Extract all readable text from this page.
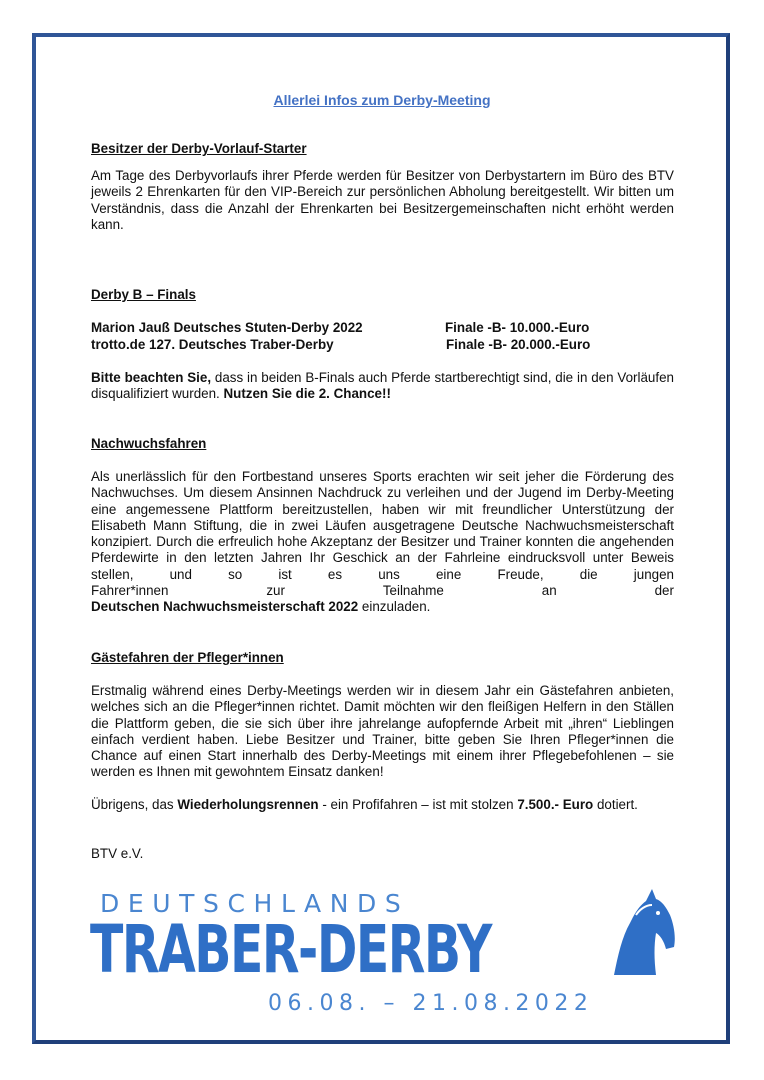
Allerlei Infos zum Derby-Meeting
Besitzer der Derby-Vorlauf-Starter
Am Tage des Derbyvorlaufs ihrer Pferde werden für Besitzer von Derbystartern im Büro des BTV jeweils 2 Ehrenkarten für den VIP-Bereich zur persönlichen Abholung bereitgestellt. Wir bitten um Verständnis, dass die Anzahl der Ehrenkarten bei Besitzergemeinschaften nicht erhöht werden kann.
Derby B – Finals
Marion Jauß Deutsches Stuten-Derby 2022	Finale -B- 10.000.-Euro
trotto.de 127. Deutsches Traber-Derby	Finale -B- 20.000.-Euro
Bitte beachten Sie, dass in beiden B-Finals auch Pferde startberechtigt sind, die in den Vorläufen disqualifiziert wurden. Nutzen Sie die 2. Chance!!
Nachwuchsfahren
Als unerlässlich für den Fortbestand unseres Sports erachten wir seit jeher die Förderung des Nachwuchses. Um diesem Ansinnen Nachdruck zu verleihen und der Jugend im Derby-Meeting eine angemessene Plattform bereitzustellen, haben wir mit freundlicher Unterstützung der Elisabeth Mann Stiftung, die in zwei Läufen ausgetragene Deutsche Nachwuchsmeisterschaft konzipiert. Durch die erfreulich hohe Akzeptanz der Besitzer und Trainer konnten die angehenden Pferdewirte in den letzten Jahren Ihr Geschick an der Fahrleine eindrucksvoll unter Beweis stellen, und so ist es uns eine Freude, die jungen
Fahrer*innen	zur	Teilnahme	an	der
Deutschen Nachwuchsmeisterschaft 2022 einzuladen.
Gästefahren der Pfleger*innen
Erstmalig während eines Derby-Meetings werden wir in diesem Jahr ein Gästefahren anbieten, welches sich an die Pfleger*innen richtet. Damit möchten wir den fleißigen Helfern in den Ställen die Plattform geben, die sie sich über ihre jahrelange aufopfernde Arbeit mit „ihren“ Lieblingen einfach verdient haben. Liebe Besitzer und Trainer, bitte geben Sie Ihren Pfleger*innen die Chance auf einen Start innerhalb des Derby-Meetings mit einem ihrer Pflegebefohlenen – sie werden es Ihnen mit gewohntem Einsatz danken!
Übrigens, das Wiederholungsrennen - ein Profifahren – ist mit stolzen 7.500.- Euro dotiert.
BTV e.V.
DEUTSCHLANDS
TRABER-DERBY
06.08. – 21.08.2022
